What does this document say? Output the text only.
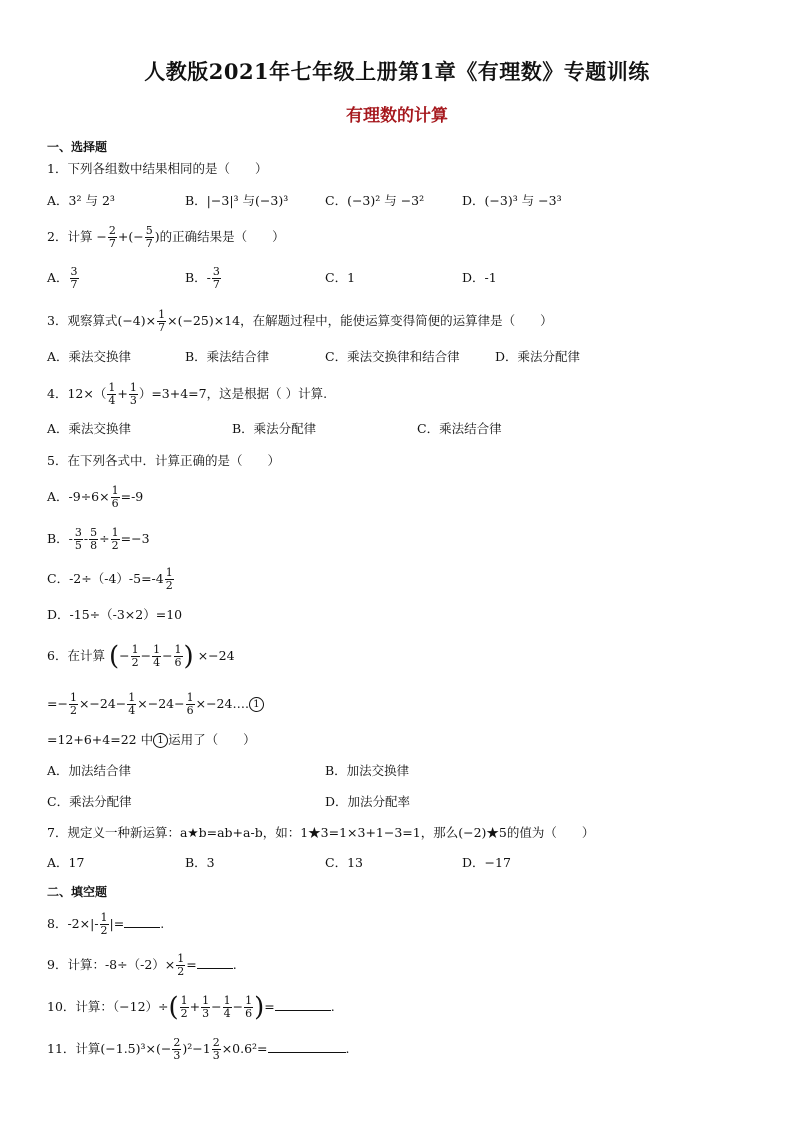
人教版2021年七年级上册第1章《有理数》专题训练
有理数的计算
一、选择题
1．下列各组数中结果相同的是（　　）
A．3² 与 2³	B．|−3|³ 与(−3)³	C．(−3)² 与 −3²	D．(−3)³ 与 −3³
2．计算 − $\frac{2}{7}$ +(− $\frac{5}{7}$ )的正确结果是（　　）
A． $\frac{3}{7}$	B．- $\frac{3}{7}$	C．1	D．-1
3．观察算式$(-4)\times \frac{1}{7} \times(-25)\times 14$，在解题过程中，能使运算变得简便的运算律是（　　）
A．乘法交换律	B．乘法结合律	C．乘法交换律和结合律	D．乘法分配律
4．$12\times( \frac{1}{4} + \frac{1}{3} )=3+4=7$，这是根据（ ）计算.
A．乘法交换律	B．乘法分配律	C．乘法结合律
5．在下列各式中．计算正确的是（　　）
A．$-9\div 6\times \frac{1}{6} =-9$
B．- $\frac{3}{5} - \frac{5}{8} \div \frac{1}{2} =-3$
C．$-2\div(-4)-5=-4 \frac{1}{2}$
D．-15÷（-3×2）=10
6．在计算 (− $\frac{1}{2} - \frac{1}{4} - \frac{1}{6}$ ) ×−24
=− $\frac{1}{2} \times-24- \frac{1}{4} \times-24- \frac{1}{6}$ ×−24…. 1
=12+6+4=22 中 1 运用了（　　）
A．加法结合律	B．加法交换律
C．乘法分配律	D．加法分配率
7．规定义一种新运算：a★b=ab+a-b，如：1★3=1×3+1−3=1，那么(−2)★5的值为（　　）
A．17	B．3	C．13	D．−17
二、填空题
8．$-2\times|- \frac{1}{2}$ |=	.
9．计算：$-8\div(-2)\times \frac{1}{2}$ =	.
10．计算：$(-12)\div( \frac{1}{2} + \frac{1}{3} - \frac{1}{4} - \frac{1}{6}$ )=	.
11．计算$(-1.5)^3\times(- \frac{2}{3} )^2-1 \frac{2}{3} \times 0.6^2=$	.
